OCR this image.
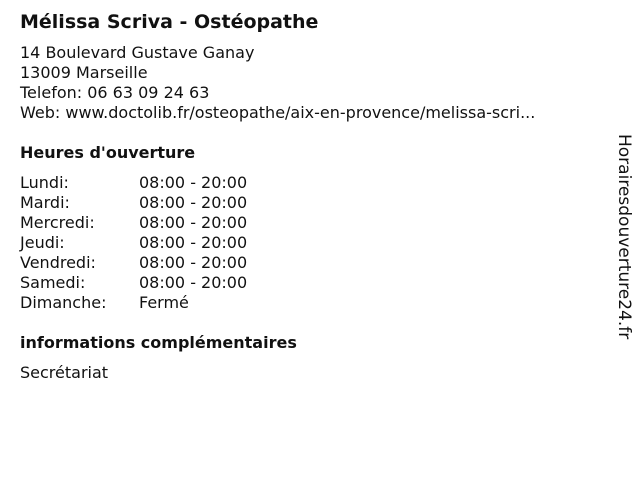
Mélissa Scriva - Ostéopathe
14 Boulevard Gustave Ganay
13009 Marseille
Telefon: 06 63 09 24 63
Web: www.doctolib.fr/osteopathe/aix-en-provence/melissa-scri...
Heures d'ouverture
Lundi:	08:00 - 20:00
Mardi:	08:00 - 20:00
Mercredi:	08:00 - 20:00
Jeudi:	08:00 - 20:00
Vendredi:	08:00 - 20:00
Samedi:	08:00 - 20:00
Dimanche:	Fermé
informations complémentaires
Secrétariat
Horairesdouverture24.fr
